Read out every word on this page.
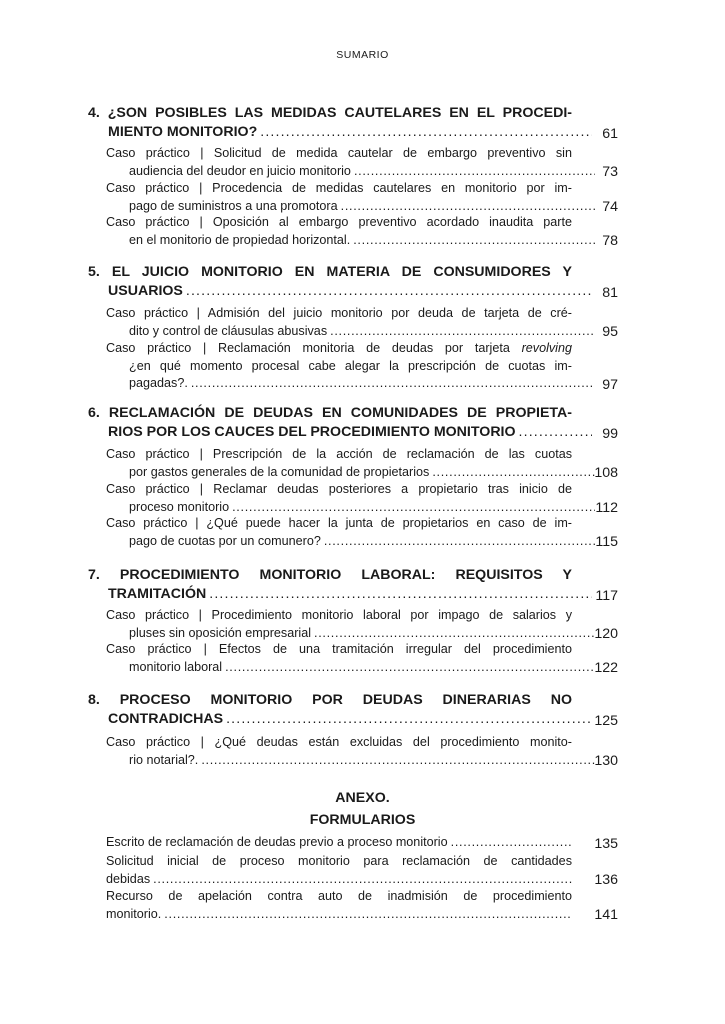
SUMARIO
4. ¿SON POSIBLES LAS MEDIDAS CAUTELARES EN EL PROCEDI-
MIENTO MONITORIO? . . .	61
Caso práctico | Solicitud de medida cautelar de embargo preventivo sin
audiencia del deudor en juicio monitorio . . .	73
Caso práctico | Procedencia de medidas cautelares en monitorio por im-
pago de suministros a una promotora . . .	74
Caso práctico | Oposición al embargo preventivo acordado inaudita parte
en el monitorio de propiedad horizontal. . . .	78
5. EL JUICIO MONITORIO EN MATERIA DE CONSUMIDORES Y
USUARIOS . . .	81
Caso práctico | Admisión del juicio monitorio por deuda de tarjeta de cré-
dito y control de cláusulas abusivas . . .	95
Caso práctico | Reclamación monitoria de deudas por tarjeta revolving
¿en qué momento procesal cabe alegar la prescripción de cuotas im-
pagadas?. . . .	97
6. RECLAMACIÓN DE DEUDAS EN COMUNIDADES DE PROPIETA-
RIOS POR LOS CAUCES DEL PROCEDIMIENTO MONITORIO . . .	99
Caso práctico | Prescripción de la acción de reclamación de las cuotas
por gastos generales de la comunidad de propietarios . . .	108
Caso práctico | Reclamar deudas posteriores a propietario tras inicio de
proceso monitorio . . .	112
Caso práctico | ¿Qué puede hacer la junta de propietarios en caso de im-
pago de cuotas por un comunero? . . .	115
7. PROCEDIMIENTO MONITORIO LABORAL: REQUISITOS Y
TRAMITACIÓN . . .	117
Caso práctico | Procedimiento monitorio laboral por impago de salarios y
pluses sin oposición empresarial . . .	120
Caso práctico | Efectos de una tramitación irregular del procedimiento
monitorio laboral . . .	122
8. PROCESO MONITORIO POR DEUDAS DINERARIAS NO
CONTRADICHAS . . .	125
Caso práctico | ¿Qué deudas están excluidas del procedimiento monito-
rio notarial?. . . .	130
ANEXO.
FORMULARIOS
Escrito de reclamación de deudas previo a proceso monitorio . . .	135
Solicitud inicial de proceso monitorio para reclamación de cantidades
debidas . . .	136
Recurso de apelación contra auto de inadmisión de procedimiento
monitorio. . . .	141
